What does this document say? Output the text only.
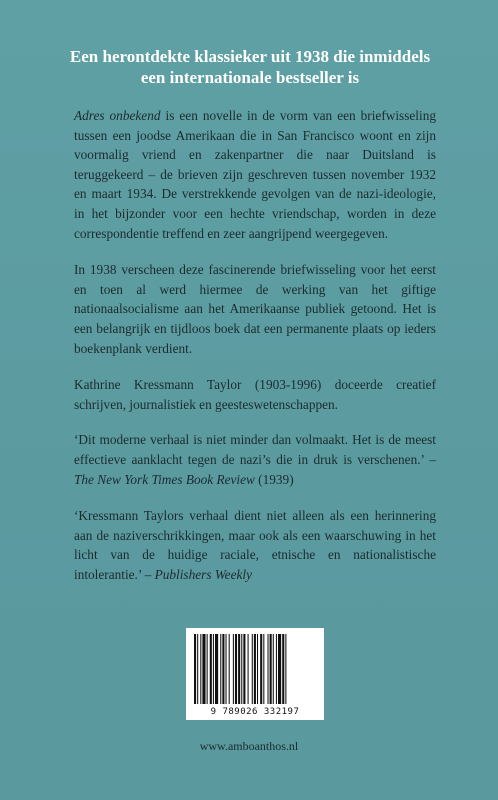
Een herontdekte klassieker uit 1938 die inmiddels
een internationale bestseller is

Adres onbekend is een novelle in de vorm van een briefwisseling tussen een joodse Amerikaan die in San Francisco woont en zijn voormalig vriend en zakenpartner die naar Duitsland is teruggekeerd – de brieven zijn geschreven tussen november 1932 en maart 1934. De verstrekkende gevolgen van de nazi-ideologie, in het bijzonder voor een hechte vriendschap, worden in deze correspondentie treffend en zeer aangrijpend weergegeven.

In 1938 verscheen deze fascinerende briefwisseling voor het eerst en toen al werd hiermee de werking van het giftige nationaalsocialisme aan het Amerikaanse publiek getoond. Het is een belangrijk en tijdloos boek dat een permanente plaats op ieders boekenplank verdient.

Kathrine Kressmann Taylor (1903-1996) doceerde creatief schrijven, journalistiek en geesteswetenschappen.

‘Dit moderne verhaal is niet minder dan volmaakt. Het is de meest effectieve aanklacht tegen de nazi’s die in druk is verschenen.’ – The New York Times Book Review (1939)

‘Kressmann Taylors verhaal dient niet alleen als een herinnering aan de naziverschrikkingen, maar ook als een waarschuwing in het licht van de huidige raciale, etnische en nationalistische intolerantie.’ – Publishers Weekly

9 789026 332197
www.amboanthos.nl
